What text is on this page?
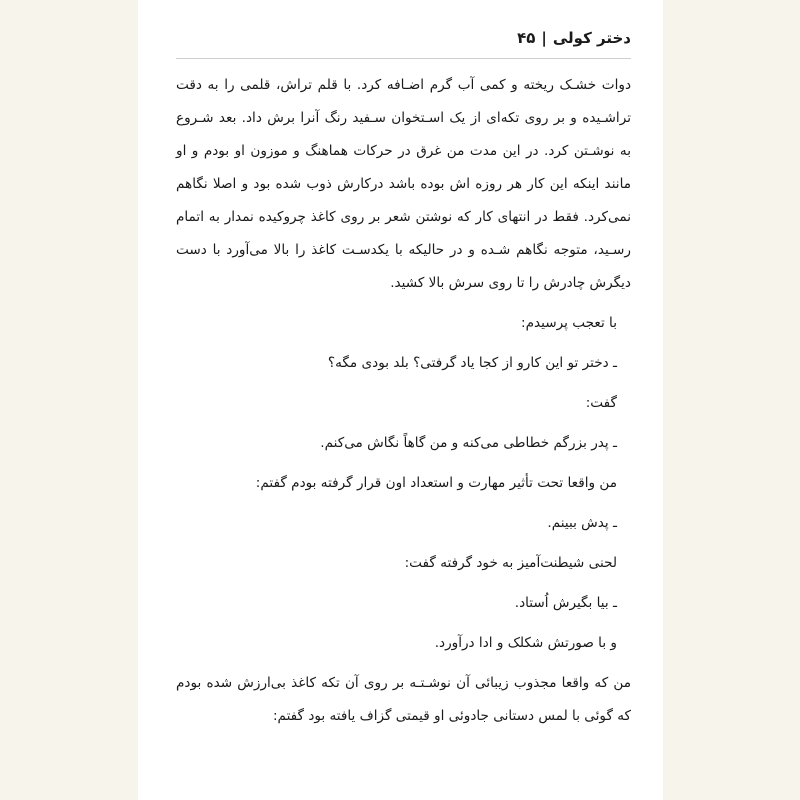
دختر کولی
|
۴۵

دوات خشـک ریخته و کمی آب گرم اضـافه کرد. با قلم تراش، قلمی را به دقت تراشـیده و بر روی تکه‌ای از یک اسـتخوان سـفید رنگ آنرا برش داد. بعد شـروع به نوشـتن کرد. در این مدت من غرق در حرکات هماهنگ و موزون او بودم و او مانند اینکه این کار هر روزه اش بوده باشد درکارش ذوب شده بود و اصلا نگاهم نمی‌کرد. فقط در انتهای کار که نوشتن شعر بر روی کاغذ چروکیده نمدار به اتمام رسـید، متوجه نگاهم شـده و در حالیکه با یکدسـت کاغذ را بالا می‌آورد با دست دیگرش چادرش را تا روی سرش بالا کشید.

با تعجب پرسیدم:

ـ دختر تو این کارو از کجا یاد گرفتی؟ بلد بودی مگه؟

گفت:

ـ پدر بزرگم خطاطی می‌کنه و من گاهاً نگاش می‌کنم.

من واقعا تحت تأثیر مهارت و استعداد اون قرار گرفته بودم گفتم:

ـ پدش ببینم.

لحنی شیطنت‌آمیز به خود گرفته گفت:

ـ بیا بگیرش اُستاد.

و با صورتش شکلک و ادا درآورد.

من که واقعا مجذوب زیبائی آن نوشـتـه بر روی آن تکه کاغذ بی‌ارزش شده بودم که گوئی با لمس دستانی جادوئی او قیمتی گزاف یافته بود گفتم:
